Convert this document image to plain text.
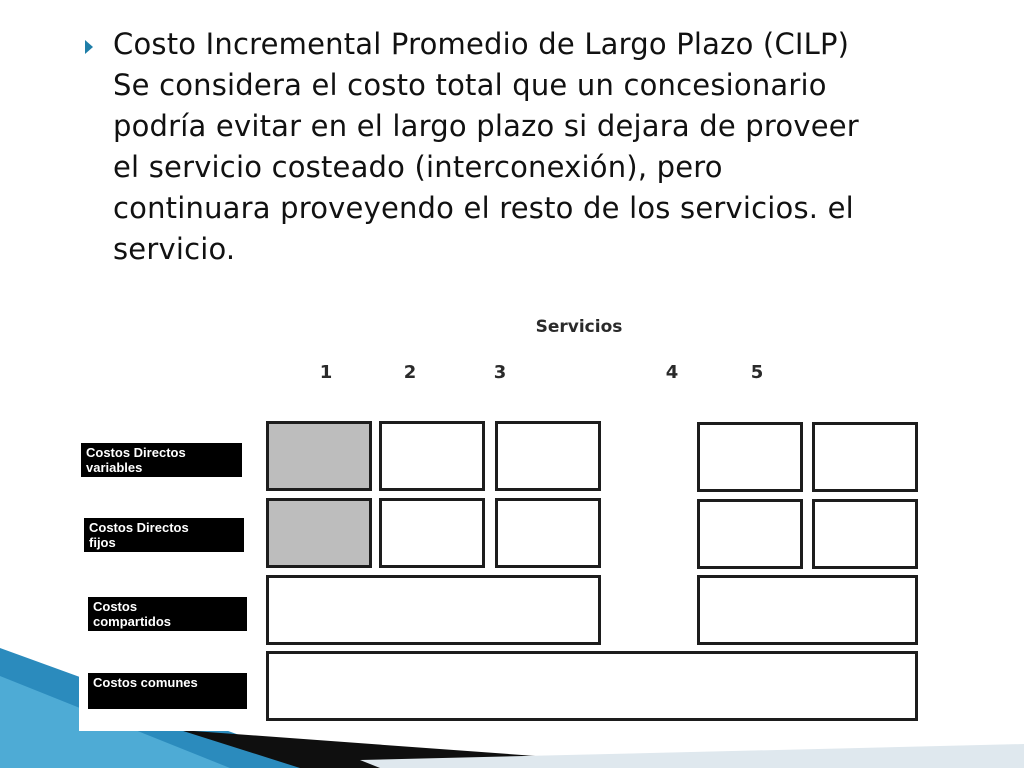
Costo Incremental Promedio de Largo Plazo (CILP)
Se considera el costo total que un concesionario
podría evitar en el largo plazo si dejara de proveer
el servicio costeado (interconexión), pero
continuara proveyendo el resto de los servicios. el
servicio.

Servicios
1	2	3	4	5
Costos Directos
variables
Costos Directos
fijos
Costos
compartidos
Costos comunes
